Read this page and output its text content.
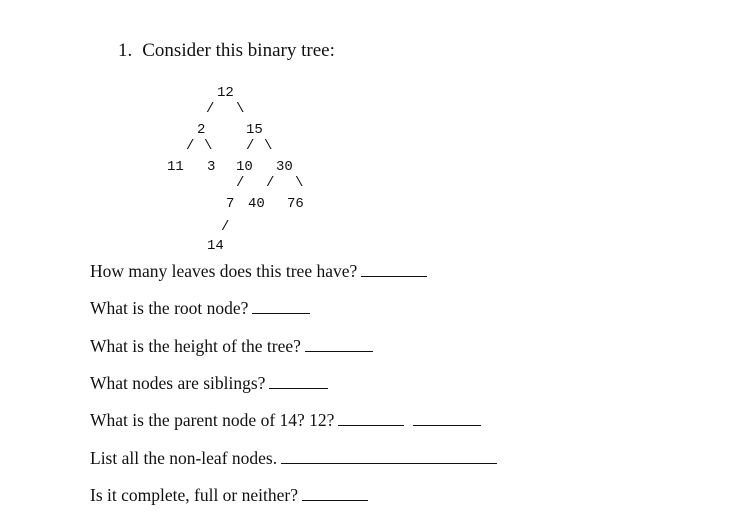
1. Consider this binary tree:
12
/ \
2	15
/ \ / \
11 3 10 30
/ / \
7 40 76
/
14
How many leaves does this tree have?
What is the root node?
What is the height of the tree?
What nodes are siblings?
What is the parent node of 14? 12?
List all the non-leaf nodes.
Is it complete, full or neither?
